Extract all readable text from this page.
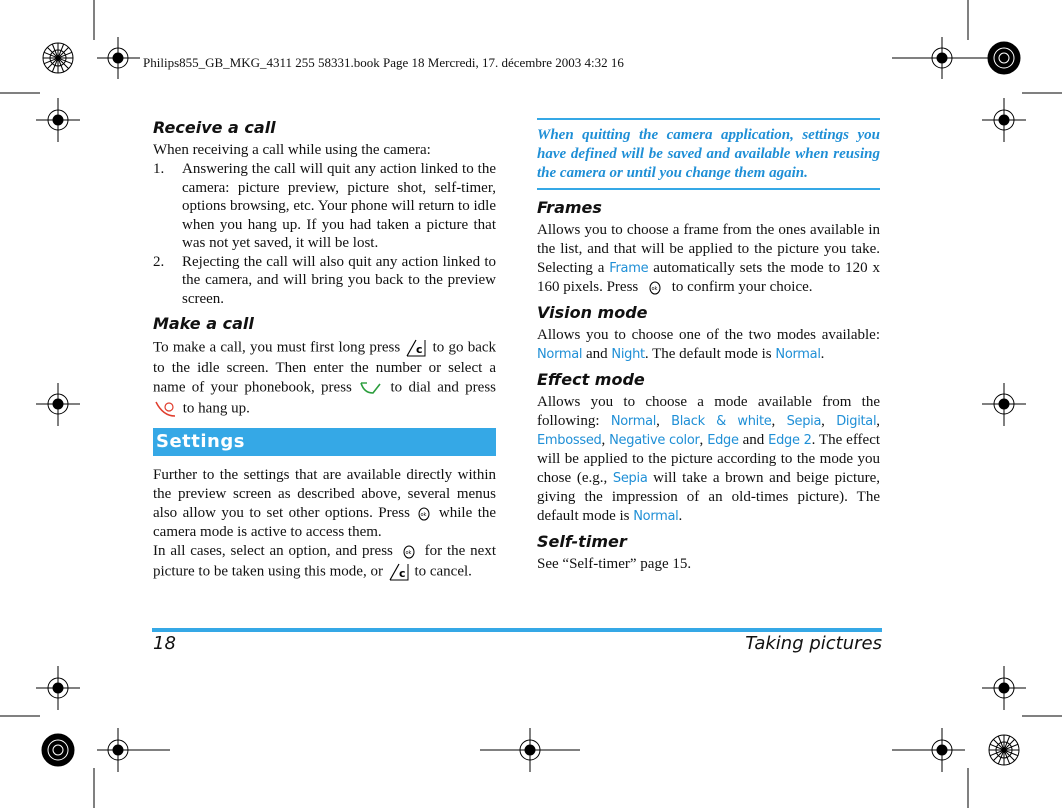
Philips855_GB_MKG_4311 255 58331.book Page 18 Mercredi, 17. décembre 2003 4:32 16
Receive a call

When receiving a call while using the camera:

1. Answering the call will quit any action linked to the camera: picture preview, picture shot, self-timer, options browsing, etc. Your phone will return to idle when you hang up. If you had taken a picture that was not yet saved, it will be lost.
2. Rejecting the call will also quit any action linked to the camera, and will bring you back to the preview screen.
Make a call

To make a call, you must first long press c to go back to the idle screen. Then enter the number or select a name of your phonebook, press	to dial and press  to hang up.

Settings

Further to the settings that are available directly within the preview screen as described above, several menus also allow you to set other options. Press ok while the camera mode is active to access them.

In all cases, select an option, and press ok for the next picture to be taken using this mode, or c to cancel.

When quitting the camera application, settings you have defined will be saved and available when reusing the camera or until you change them again.

Frames

Allows you to choose a frame from the ones available in the list, and that will be applied to the picture you take. Selecting a Frame automatically sets the mode to 120 x 160 pixels. Press	ok to confirm your choice.

Vision mode

Allows you to choose one of the two modes available: Normal and Night. The default mode is Normal.

Effect mode

Allows you to choose a mode available from the following: Normal, Black & white, Sepia, Digital, Embossed, Negative color, Edge and Edge 2. The effect will be applied to the picture according to the mode you chose (e.g., Sepia will take a brown and beige picture, giving the impression of an old-times picture). The default mode is Normal.

Self-timer

See “Self-timer” page 15.

18	Taking pictures
